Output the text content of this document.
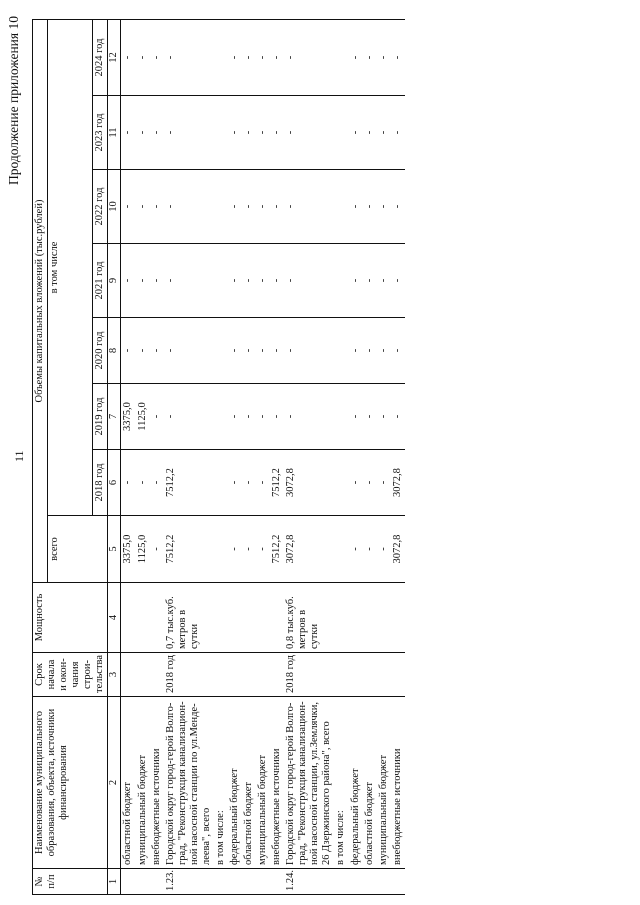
11
Продолжение приложения 10
№ п/п	Наименование муниципального образования, объекта, источники финансирования	Срок начала и окон-чания строи-тельства	Мощность	Объемы капитальных вложений (тыс.рублей)							
				всего	в том числе						
					2018 год	2019 год	2020 год	2021 год	2022 год	2023 год	2024 год
1	2	3	4	5	6	7	8	9	10	11	12
	областной бюджет			3375,0	-	3375,0	-	-	-	-	-
	муниципальный бюджет			1125,0	-	1125,0	-	-	-	-	-
	внебюджетные источники			-	-	-	-	-	-	-	-
1.23.	Городской округ город-герой Волго-град, "Реконструкция канализацион-ной насосной станции по ул.Менде-леева", всего	2018 год	0,7 тыс.куб. метров в сутки	7512,2	7512,2	-	-	-	-	-	-
	в том числе:										
	федеральный бюджет			-	-	-	-	-	-	-	-
	областной бюджет			-	-	-	-	-	-	-	-
	муниципальный бюджет			-	-	-	-	-	-	-	-
	внебюджетные источники			7512,2	7512,2	-	-	-	-	-	-
1.24.	Городской округ город-герой Волго-град, "Реконструкция канализацион-ной насосной станции, ул.Землячки, 26 Дзержинского района", всего	2018 год	0,8 тыс.куб. метров в сутки	3072,8	3072,8	-	-	-	-	-	-
	в том числе:										
	федеральный бюджет			-	-	-	-	-	-	-	-
	областной бюджет			-	-	-	-	-	-	-	-
	муниципальный бюджет			-	-	-	-	-	-	-	-
	внебюджетные источники			3072,8	3072,8	-	-	-	-	-	-
